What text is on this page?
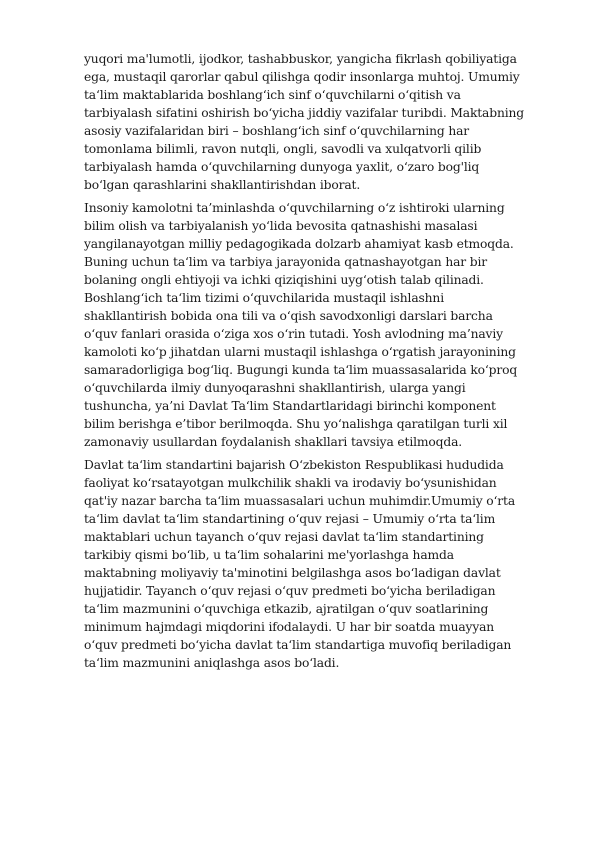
yuqori ma'lumotli, ijodkor, tashabbuskor, yangicha fikrlash qobiliyatiga
ega, mustaqil qarorlar qabul qilishga qodir insonlarga muhtoj. Umumiy
ta‘lim maktablarida boshlang‘ich sinf o‘quvchilarni o‘qitish va
tarbiyalash sifatini oshirish bo‘yicha jiddiy vazifalar turibdi. Maktabning
asosiy vazifalaridan biri – boshlang‘ich sinf o‘quvchilarning har
tomonlama bilimli, ravon nutqli, ongli, savodli va xulqatvorli qilib
tarbiyalash hamda o‘quvchilarning dunyoga yaxlit, o‘zaro bog'liq
bo‘lgan qarashlarini shakllantirishdan iborat.
Insoniy kamolotni ta’minlashda o‘quvchilarning o‘z ishtiroki ularning
bilim olish va tarbiyalanish yo‘lida bevosita qatnashishi masalasi
yangilanayotgan milliy pedagogikada dolzarb ahamiyat kasb etmoqda.
Buning uchun ta‘lim va tarbiya jarayonida qatnashayotgan har bir
bolaning ongli ehtiyoji va ichki qiziqishini uyg‘otish talab qilinadi.
Boshlang‘ich ta‘lim tizimi o‘quvchilarida mustaqil ishlashni
shakllantirish bobida ona tili va o‘qish savodxonligi darslari barcha
o‘quv fanlari orasida o‘ziga xos o‘rin tutadi. Yosh avlodning ma’naviy
kamoloti ko‘p jihatdan ularni mustaqil ishlashga o‘rgatish jarayonining
samaradorligiga bog‘liq. Bugungi kunda ta‘lim muassasalarida ko‘proq
o‘quvchilarda ilmiy dunyoqarashni shakllantirish, ularga yangi
tushuncha, ya’ni Davlat Ta‘lim Standartlaridagi birinchi komponent
bilim berishga e’tibor berilmoqda. Shu yo‘nalishga qaratilgan turli xil
zamonaviy usullardan foydalanish shakllari tavsiya etilmoqda.
Davlat ta‘lim standartini bajarish O‘zbekiston Respublikasi hududida
faoliyat ko‘rsatayotgan mulkchilik shakli va irodaviy bo‘ysunishidan
qat'iy nazar barcha ta‘lim muassasalari uchun muhimdir.Umumiy o‘rta
ta‘lim davlat ta‘lim standartining o‘quv rejasi – Umumiy o‘rta ta‘lim
maktablari uchun tayanch o‘quv rejasi davlat ta‘lim standartining
tarkibiy qismi bo‘lib, u ta‘lim sohalarini me'yorlashga hamda
maktabning moliyaviy ta'minotini belgilashga asos bo‘ladigan davlat
hujjatidir. Tayanch o‘quv rejasi o‘quv predmeti bo‘yicha beriladigan
ta‘lim mazmunini o‘quvchiga etkazib, ajratilgan o‘quv soatlarining
minimum hajmdagi miqdorini ifodalaydi. U har bir soatda muayyan
o‘quv predmeti bo‘yicha davlat ta‘lim standartiga muvofiq beriladigan
ta‘lim mazmunini aniqlashga asos bo‘ladi.
